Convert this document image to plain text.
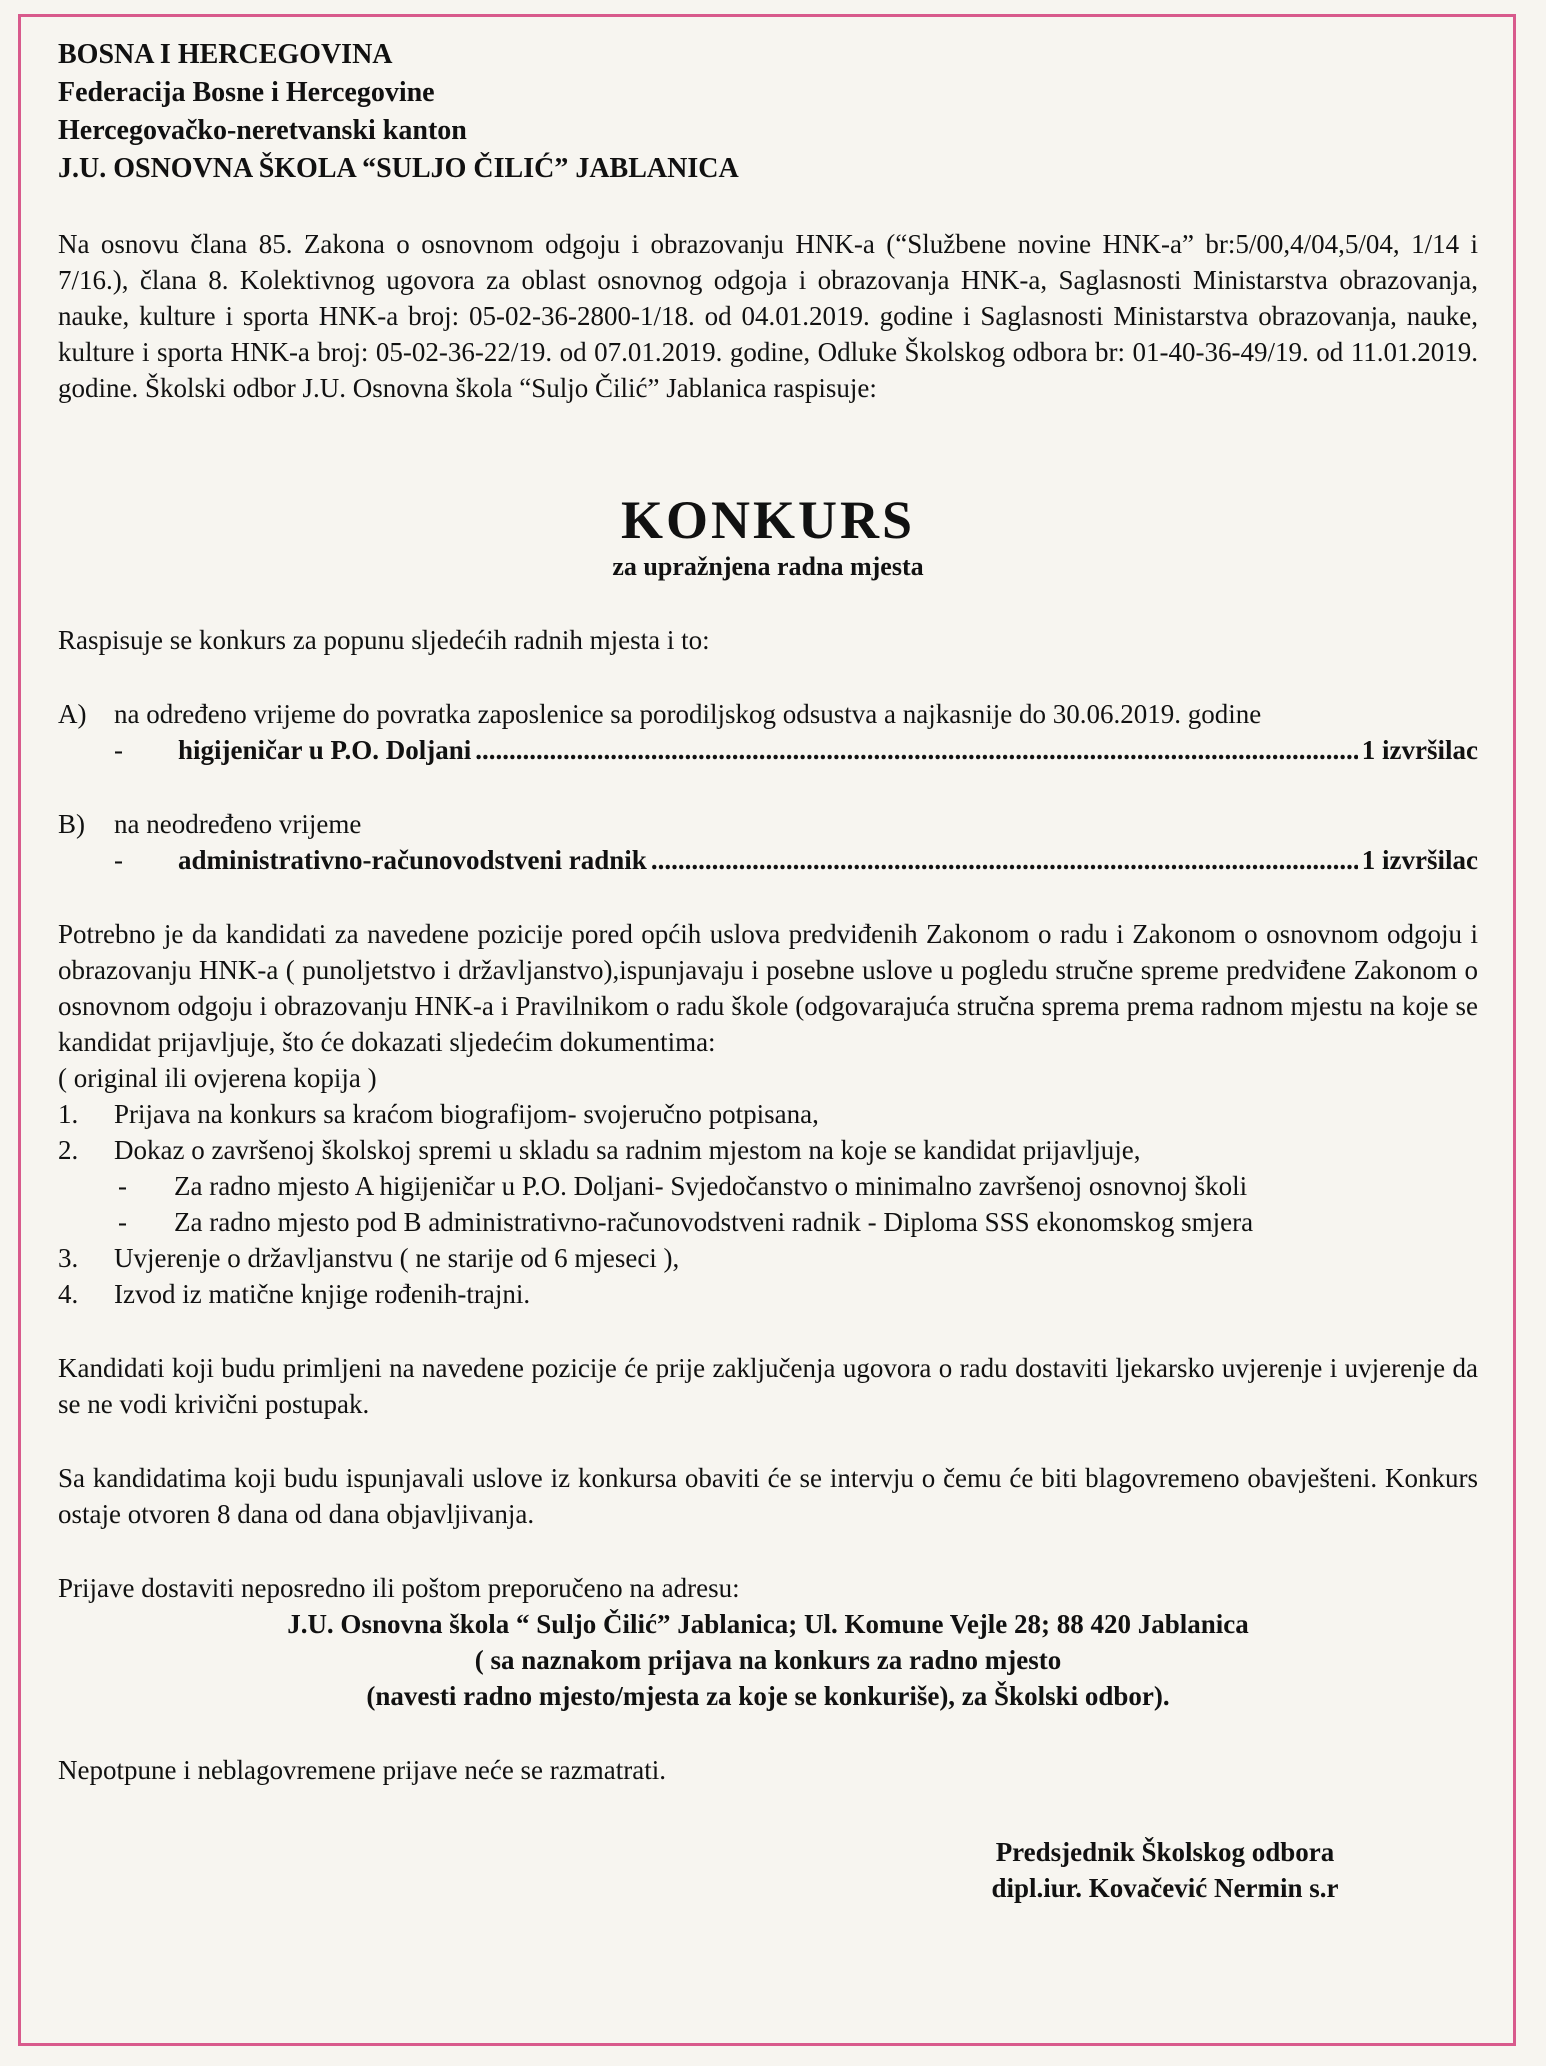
BOSNA I HERCEGOVINA
Federacija Bosne i Hercegovine
Hercegovačko-neretvanski kanton
J.U. OSNOVNA ŠKOLA “SULJO ČILIĆ” JABLANICA
Na osnovu člana 85. Zakona o osnovnom odgoju i obrazovanju HNK-a (“Službene novine HNK-a” br:5/00,4/04,5/04, 1/14 i 7/16.), člana 8. Kolektivnog ugovora za oblast osnovnog odgoja i obrazovanja HNK-a, Saglasnosti Ministarstva obrazovanja, nauke, kulture i sporta HNK-a broj: 05-02-36-2800-1/18. od 04.01.2019. godine i Saglasnosti Ministarstva obrazovanja, nauke, kulture i sporta HNK-a broj: 05-02-36-22/19. od 07.01.2019. godine, Odluke Školskog odbora br: 01-40-36-49/19. od 11.01.2019. godine. Školski odbor J.U. Osnovna škola “Suljo Čilić” Jablanica raspisuje:
KONKURS
za upražnjena radna mjesta
Raspisuje se konkurs za popunu sljedećih radnih mjesta i to:
A)	na određeno vrijeme do povratka zaposlenice sa porodiljskog odsustva a najkasnije do 30.06.2019. godine
-	higijeničar u P.O. Doljani .....	1 izvršilac
B)	na neodređeno vrijeme
-	administrativno-računovodstveni radnik .....	1 izvršilac
Potrebno je da kandidati za navedene pozicije pored općih uslova predviđenih Zakonom o radu i Zakonom o osnovnom odgoju i obrazovanju HNK-a ( punoljetstvo i državljanstvo),ispunjavaju i posebne uslove u pogledu stručne spreme predviđene Zakonom o osnovnom odgoju i obrazovanju HNK-a i Pravilnikom o radu škole (odgovarajuća stručna sprema prema radnom mjestu na koje se kandidat prijavljuje, što će dokazati sljedećim dokumentima:
( original ili ovjerena kopija )
1.	Prijava na konkurs sa kraćom biografijom- svojeručno potpisana,
2.	Dokaz o završenoj školskoj spremi u skladu sa radnim mjestom na koje se kandidat prijavljuje,
-	Za radno mjesto A higijeničar u P.O. Doljani- Svjedočanstvo o minimalno završenoj osnovnoj školi
-	Za radno mjesto pod B administrativno-računovodstveni radnik - Diploma SSS ekonomskog smjera
3.	Uvjerenje o državljanstvu ( ne starije od 6 mjeseci ),
4.	Izvod iz matične knjige rođenih-trajni.
Kandidati koji budu primljeni na navedene pozicije će prije zaključenja ugovora o radu dostaviti ljekarsko uvjerenje i uvjerenje da se ne vodi krivični postupak.
Sa kandidatima koji budu ispunjavali uslove iz konkursa obaviti će se intervju o čemu će biti blagovremeno obavješteni. Konkurs ostaje otvoren 8 dana od dana objavljivanja.
Prijave dostaviti neposredno ili poštom preporučeno na adresu:
J.U. Osnovna škola “ Suljo Čilić” Jablanica; Ul. Komune Vejle 28; 88 420 Jablanica
( sa naznakom prijava na konkurs za radno mjesto
(navesti radno mjesto/mjesta za koje se konkuriše), za Školski odbor).
Nepotpune i neblagovremene prijave neće se razmatrati.
Predsjednik Školskog odbora
dipl.iur. Kovačević Nermin s.r
